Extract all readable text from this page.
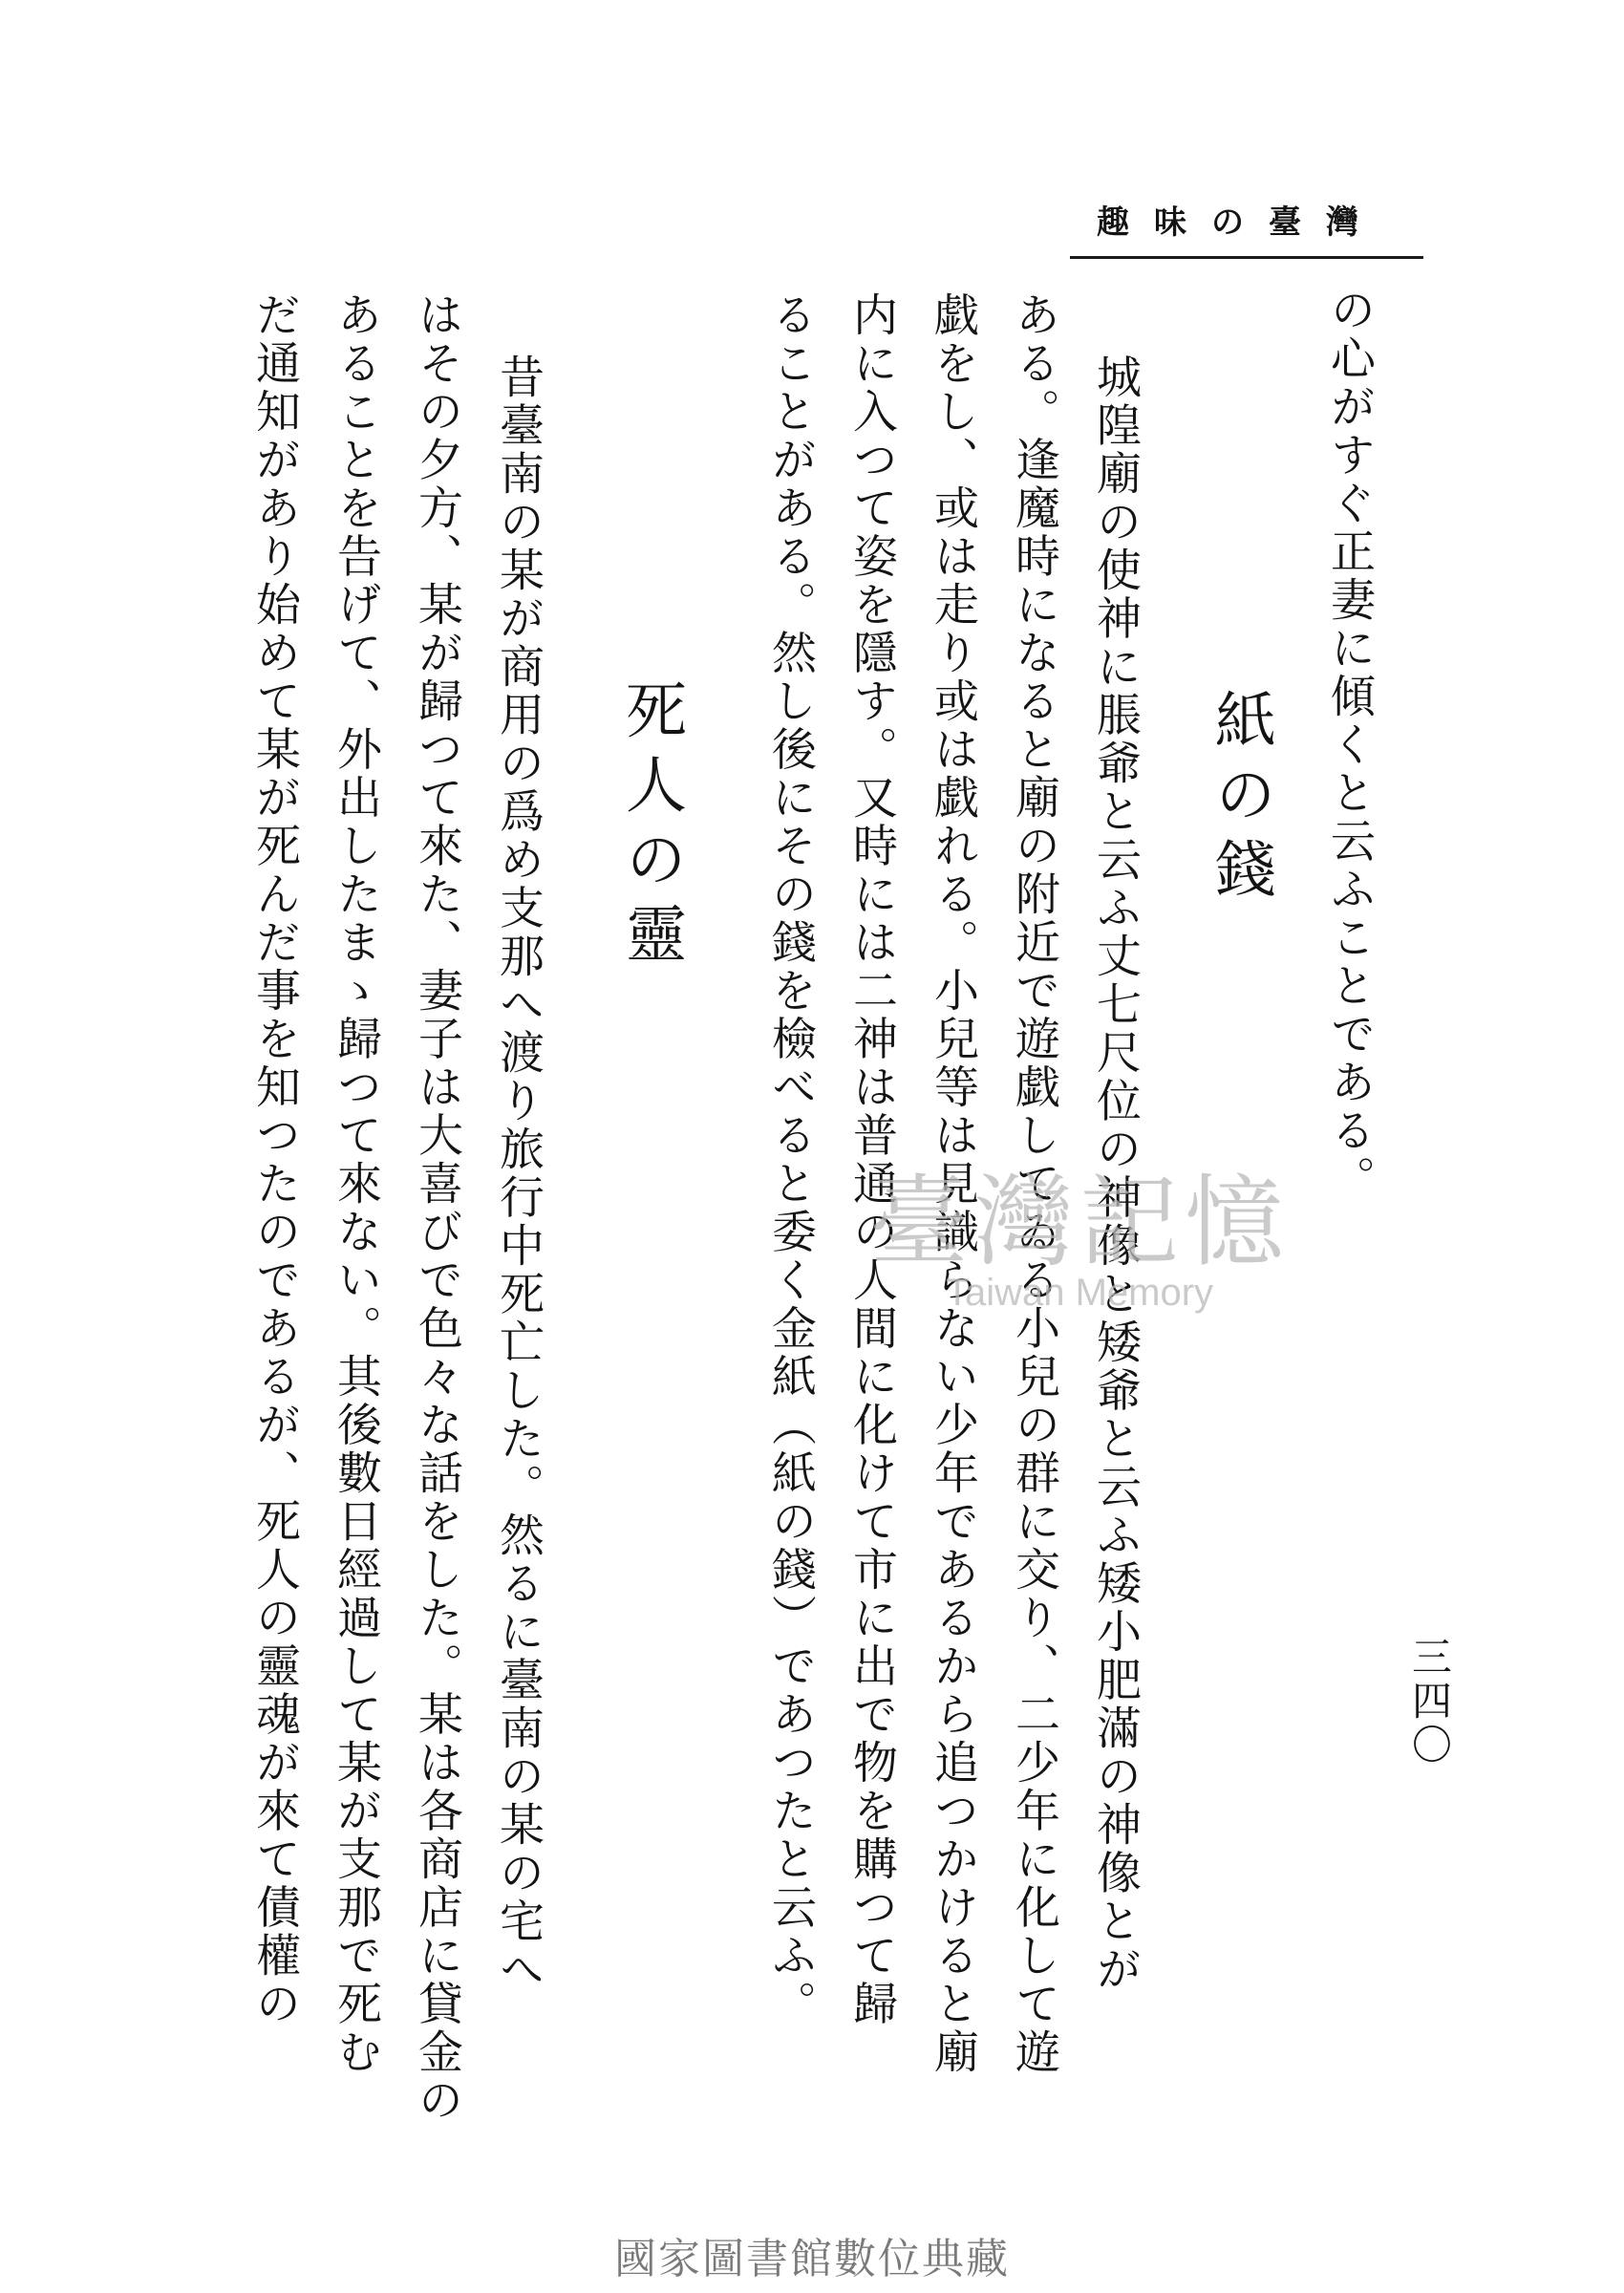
趣味の臺灣
の心がすぐ正妻に傾くと云ふことである。
紙の錢
城隍廟の使神に脹爺と云ふ丈七尺位の神像と矮爺と云ふ矮小肥滿の神像とが
ある。逢魔時になると廟の附近で遊戯してゐる小兒の群に交り、二少年に化して遊
戯をし、或は走り或は戯れる。小兒等は見識らない少年であるから追つかけると廟
内に入つて姿を隱す。又時には二神は普通の人間に化けて市に出で物を購つて歸
ることがある。然し後にその錢を檢べると委く金紙（紙の錢）であつたと云ふ。
死人の靈
昔臺南の某が商用の爲め支那へ渡り旅行中死亡した。然るに臺南の某の宅へ
はその夕方、某が歸つて來た、妻子は大喜びで色々な話をした。某は各商店に貸金の
あることを告げて、外出したまゝ歸つて來ない。其後數日經過して某が支那で死む
だ通知があり始めて某が死んだ事を知つたのであるが、死人の靈魂が來て債權の	三四〇
臺灣記憶
Taiwan Memory
國家圖書館數位典藏
